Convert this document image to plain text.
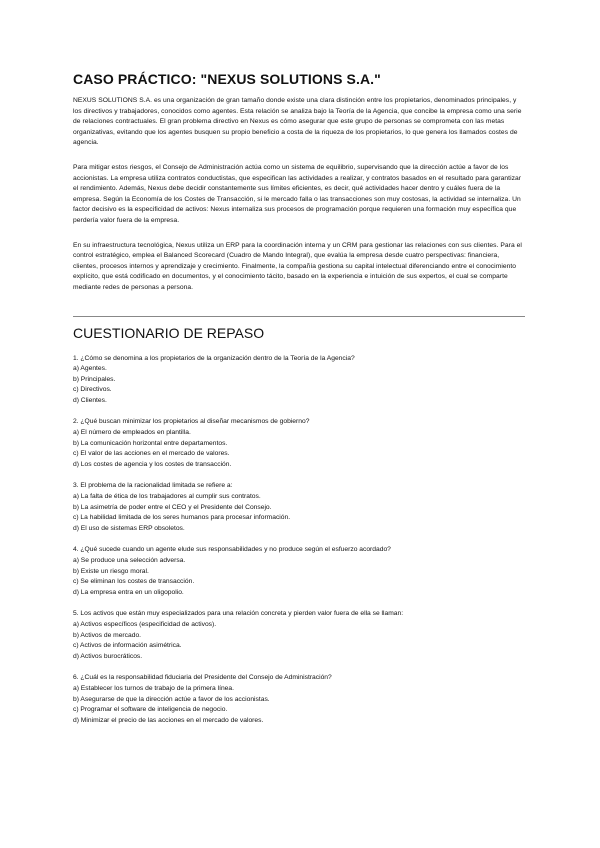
CASO PRÁCTICO: "NEXUS SOLUTIONS S.A."

NEXUS SOLUTIONS S.A. es una organización de gran tamaño donde existe una clara distinción entre los propietarios, denominados principales, y los directivos y trabajadores, conocidos como agentes. Esta relación se analiza bajo la Teoría de la Agencia, que concibe la empresa como una serie de relaciones contractuales. El gran problema directivo en Nexus es cómo asegurar que este grupo de personas se comprometa con las metas organizativas, evitando que los agentes busquen su propio beneficio a costa de la riqueza de los propietarios, lo que genera los llamados costes de agencia.

Para mitigar estos riesgos, el Consejo de Administración actúa como un sistema de equilibrio, supervisando que la dirección actúe a favor de los accionistas. La empresa utiliza contratos conductistas, que especifican las actividades a realizar, y contratos basados en el resultado para garantizar el rendimiento. Además, Nexus debe decidir constantemente sus límites eficientes, es decir, qué actividades hacer dentro y cuáles fuera de la empresa. Según la Economía de los Costes de Transacción, si le mercado falla o las transacciones son muy costosas, la actividad se internaliza. Un factor decisivo es la especificidad de activos: Nexus internaliza sus procesos de programación porque requieren una formación muy específica que perdería valor fuera de la empresa.

En su infraestructura tecnológica, Nexus utiliza un ERP para la coordinación interna y un CRM para gestionar las relaciones con sus clientes. Para el control estratégico, emplea el Balanced Scorecard (Cuadro de Mando Integral), que evalúa la empresa desde cuatro perspectivas: financiera, clientes, procesos internos y aprendizaje y crecimiento. Finalmente, la compañía gestiona su capital intelectual diferenciando entre el conocimiento explícito, que está codificado en documentos, y el conocimiento tácito, basado en la experiencia e intuición de sus expertos, el cual se comparte mediante redes de personas a persona.

CUESTIONARIO DE REPASO

1. ¿Cómo se denomina a los propietarios de la organización dentro de la Teoría de la Agencia?

a) Agentes.

b) Principales.

c) Directivos.

d) Clientes.

2. ¿Qué buscan minimizar los propietarios al diseñar mecanismos de gobierno?

a) El número de empleados en plantilla.

b) La comunicación horizontal entre departamentos.

c) El valor de las acciones en el mercado de valores.

d) Los costes de agencia y los costes de transacción.

3. El problema de la racionalidad limitada se refiere a:

a) La falta de ética de los trabajadores al cumplir sus contratos.

b) La asimetría de poder entre el CEO y el Presidente del Consejo.

c) La habilidad limitada de los seres humanos para procesar información.

d) El uso de sistemas ERP obsoletos.

4. ¿Qué sucede cuando un agente elude sus responsabilidades y no produce según el esfuerzo acordado?

a) Se produce una selección adversa.

b) Existe un riesgo moral.

c) Se eliminan los costes de transacción.

d) La empresa entra en un oligopolio.

5. Los activos que están muy especializados para una relación concreta y pierden valor fuera de ella se llaman:

a) Activos específicos (especificidad de activos).

b) Activos de mercado.

c) Activos de información asimétrica.

d) Activos burocráticos.

6. ¿Cuál es la responsabilidad fiduciaria del Presidente del Consejo de Administración?

a) Establecer los turnos de trabajo de la primera línea.

b) Asegurarse de que la dirección actúe a favor de los accionistas.

c) Programar el software de inteligencia de negocio.

d) Minimizar el precio de las acciones en el mercado de valores.
